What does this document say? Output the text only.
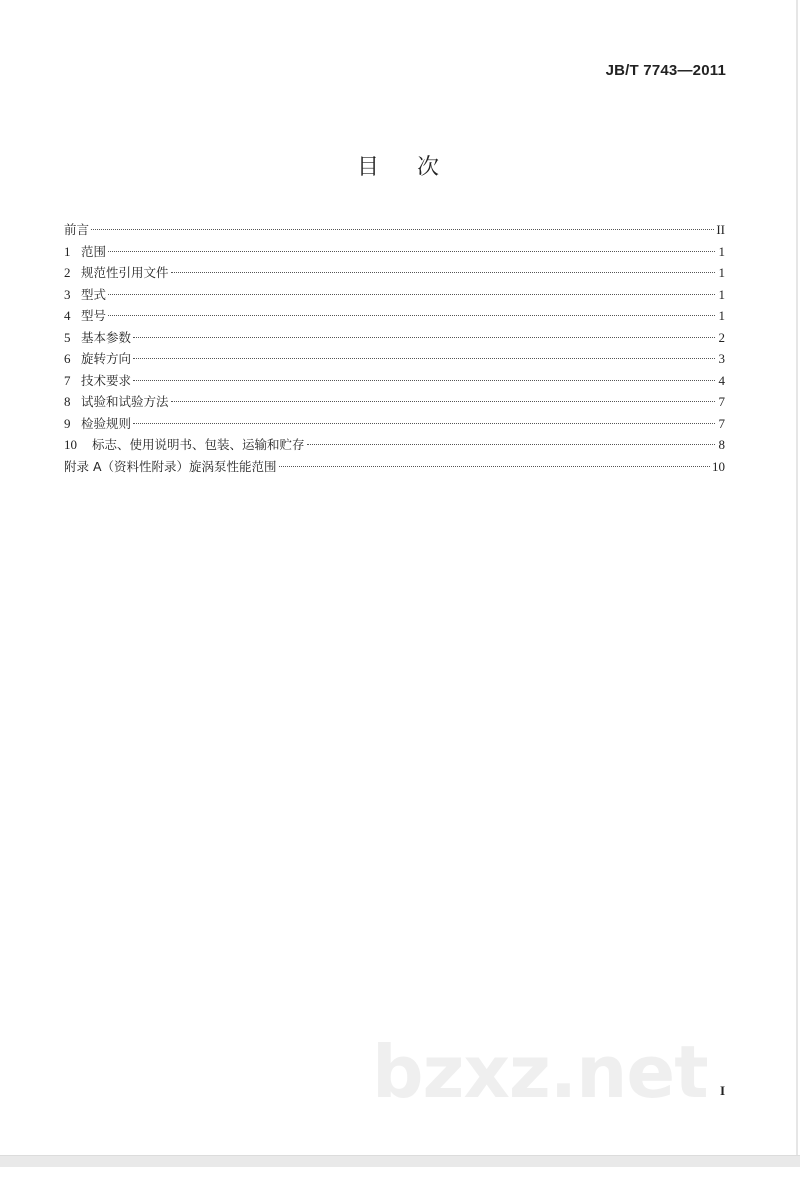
JB/T 7743—2011
目 次
前言	II
1 范围	1
2 规范性引用文件	1
3 型式	1
4 型号	1
5 基本参数	2
6 旋转方向	3
7 技术要求	4
8 试验和试验方法	7
9 检验规则	7
10	标志、使用说明书、包装、运输和贮存	8
附录 A（资料性附录）旋涡泵性能范围	10
bzxz.net I
